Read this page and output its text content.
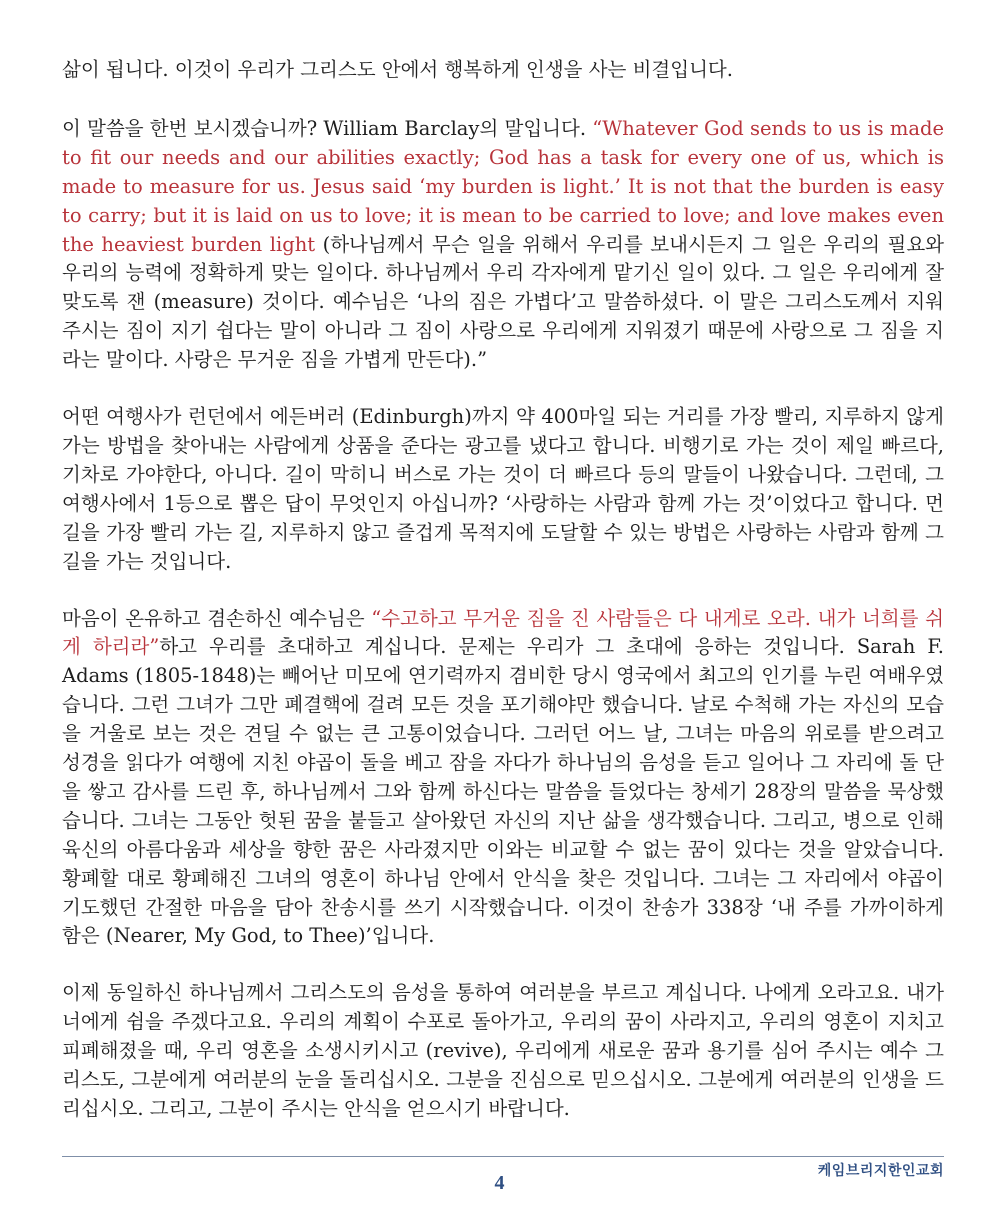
삶이 됩니다. 이것이 우리가 그리스도 안에서 행복하게 인생을 사는 비결입니다.

이 말씀을 한번 보시겠습니까? William Barclay의 말입니다. “Whatever God sends to us is made to fit our needs and our abilities exactly; God has a task for every one of us, which is made to measure for us. Jesus said ‘my burden is light.’ It is not that the burden is easy to carry; but it is laid on us to love; it is mean to be carried to love; and love makes even the heaviest burden light (하나님께서 무슨 일을 위해서 우리를 보내시든지 그 일은 우리의 필요와 우리의 능력에 정확하게 맞는 일이다. 하나님께서 우리 각자에게 맡기신 일이 있다. 그 일은 우리에게 잘 맞도록 잰 (measure) 것이다. 예수님은 ‘나의 짐은 가볍다’고 말씀하셨다. 이 말은 그리스도께서 지워 주시는 짐이 지기 쉽다는 말이 아니라 그 짐이 사랑으로 우리에게 지워졌기 때문에 사랑으로 그 짐을 지라는 말이다. 사랑은 무거운 짐을 가볍게 만든다).”

어떤 여행사가 런던에서 에든버러 (Edinburgh)까지 약 400마일 되는 거리를 가장 빨리, 지루하지 않게 가는 방법을 찾아내는 사람에게 상품을 준다는 광고를 냈다고 합니다. 비행기로 가는 것이 제일 빠르다, 기차로 가야한다, 아니다. 길이 막히니 버스로 가는 것이 더 빠르다 등의 말들이 나왔습니다. 그런데, 그 여행사에서 1등으로 뽑은 답이 무엇인지 아십니까? ‘사랑하는 사람과 함께 가는 것’이었다고 합니다. 먼 길을 가장 빨리 가는 길, 지루하지 않고 즐겁게 목적지에 도달할 수 있는 방법은 사랑하는 사람과 함께 그 길을 가는 것입니다.

마음이 온유하고 겸손하신 예수님은 “수고하고 무거운 짐을 진 사람들은 다 내게로 오라. 내가 너희를 쉬게 하리라”하고 우리를 초대하고 계십니다. 문제는 우리가 그 초대에 응하는 것입니다. Sarah F. Adams (1805-1848)는 빼어난 미모에 연기력까지 겸비한 당시 영국에서 최고의 인기를 누린 여배우였습니다. 그런 그녀가 그만 폐결핵에 걸려 모든 것을 포기해야만 했습니다. 날로 수척해 가는 자신의 모습을 거울로 보는 것은 견딜 수 없는 큰 고통이었습니다. 그러던 어느 날, 그녀는 마음의 위로를 받으려고 성경을 읽다가 여행에 지친 야곱이 돌을 베고 잠을 자다가 하나님의 음성을 듣고 일어나 그 자리에 돌 단을 쌓고 감사를 드린 후, 하나님께서 그와 함께 하신다는 말씀을 들었다는 창세기 28장의 말씀을 묵상했습니다. 그녀는 그동안 헛된 꿈을 붙들고 살아왔던 자신의 지난 삶을 생각했습니다. 그리고, 병으로 인해 육신의 아름다움과 세상을 향한 꿈은 사라졌지만 이와는 비교할 수 없는 꿈이 있다는 것을 알았습니다. 황폐할 대로 황폐해진 그녀의 영혼이 하나님 안에서 안식을 찾은 것입니다. 그녀는 그 자리에서 야곱이 기도했던 간절한 마음을 담아 찬송시를 쓰기 시작했습니다. 이것이 찬송가 338장 ‘내 주를 가까이하게 함은 (Nearer, My God, to Thee)’입니다.

이제 동일하신 하나님께서 그리스도의 음성을 통하여 여러분을 부르고 계십니다. 나에게 오라고요. 내가 너에게 쉼을 주겠다고요. 우리의 계획이 수포로 돌아가고, 우리의 꿈이 사라지고, 우리의 영혼이 지치고 피폐해졌을 때, 우리 영혼을 소생시키시고 (revive), 우리에게 새로운 꿈과 용기를 심어 주시는 예수 그리스도, 그분에게 여러분의 눈을 돌리십시오. 그분을 진심으로 믿으십시오. 그분에게 여러분의 인생을 드리십시오. 그리고, 그분이 주시는 안식을 얻으시기 바랍니다.

4
케임브리지한인교회
